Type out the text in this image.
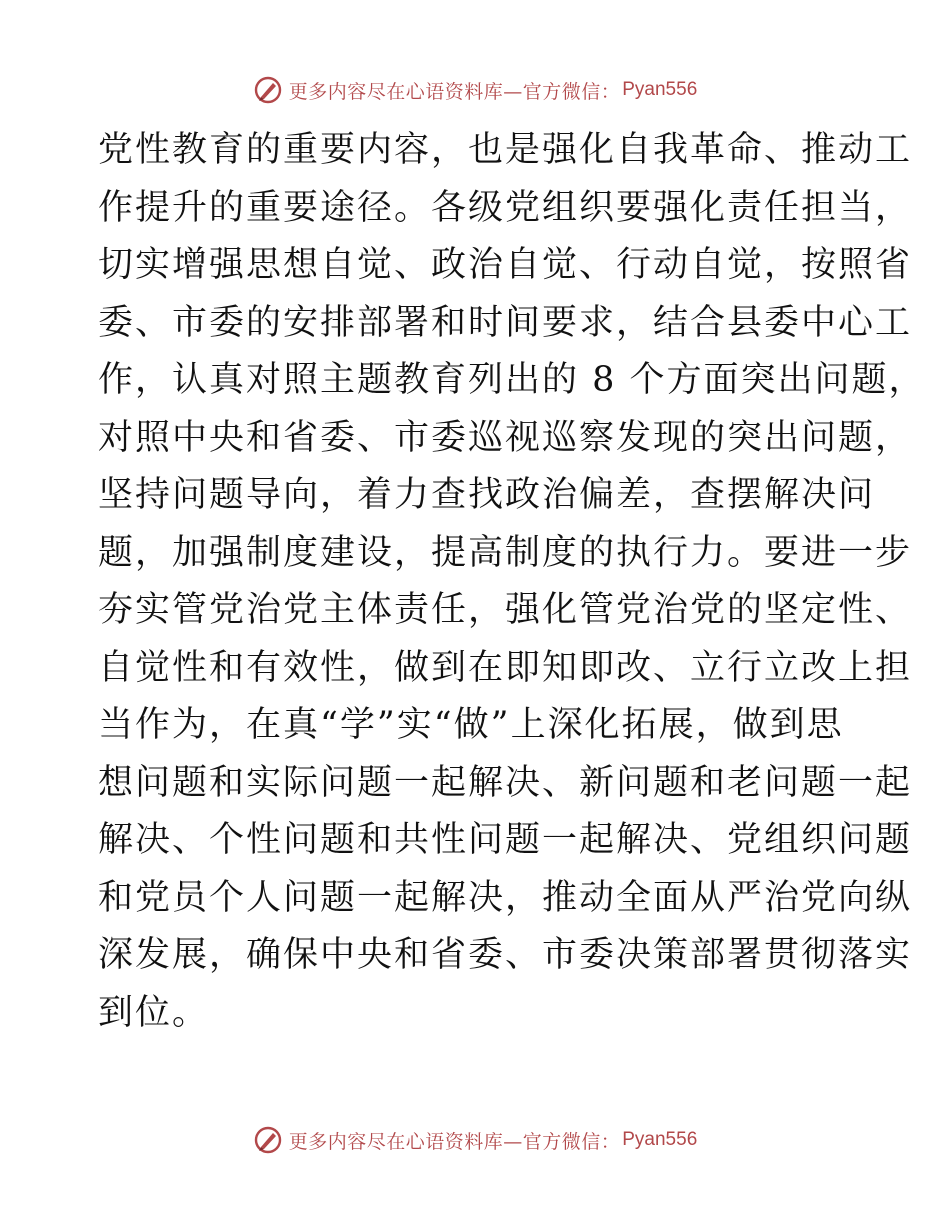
更多内容尽在心语资料库—官方微信： Pyan556
党性教育的重要内容，也是强化自我革命、推动工
作提升的重要途径。各级党组织要强化责任担当，
切实增强思想自觉、政治自觉、行动自觉，按照省
委、市委的安排部署和时间要求，结合县委中心工
作，认真对照主题教育列出的 8 个方面突出问题，
对照中央和省委、市委巡视巡察发现的突出问题，
坚持问题导向，着力查找政治偏差，查摆解决问
题，加强制度建设，提高制度的执行力。要进一步
夯实管党治党主体责任，强化管党治党的坚定性、
自觉性和有效性，做到在即知即改、立行立改上担
当作为，在真“学”实“做”上深化拓展，做到思
想问题和实际问题一起解决、新问题和老问题一起
解决、个性问题和共性问题一起解决、党组织问题
和党员个人问题一起解决，推动全面从严治党向纵
深发展，确保中央和省委、市委决策部署贯彻落实
到位。
更多内容尽在心语资料库—官方微信： Pyan556
